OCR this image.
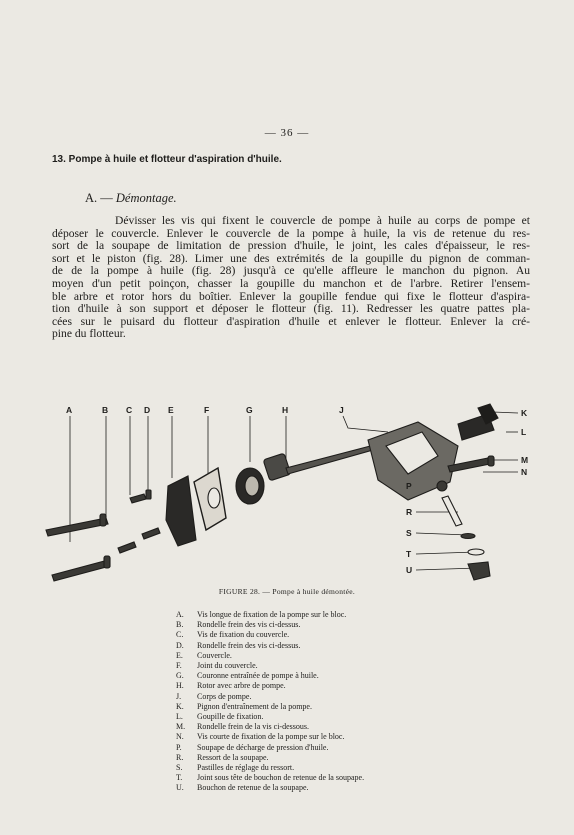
— 36 —
13. Pompe à huile et flotteur d'aspiration d'huile.
A. — Démontage.
Dévisser les vis qui fixent le couvercle de pompe à huile au corps de pompe et
déposer le couvercle. Enlever le couvercle de la pompe à huile, la vis de retenue du res-
sort de la soupape de limitation de pression d'huile, le joint, les cales d'épaisseur, le res-
sort et le piston (fig. 28). Limer une des extrémités de la goupille du pignon de comman-
de de la pompe à huile (fig. 28) jusqu'à ce qu'elle affleure le manchon du pignon. Au
moyen d'un petit poinçon, chasser la goupille du manchon et de l'arbre. Retirer l'ensem-
ble arbre et rotor hors du boîtier. Enlever la goupille fendue qui fixe le flotteur d'aspira-
tion d'huile à son support et déposer le flotteur (fig. 11). Redresser les quatre pattes pla-
cées sur le puisard du flotteur d'aspiration d'huile et enlever le flotteur. Enlever la cré-
pine du flotteur.
A	B C D E	F	G	H	J	K
L
M
N
P
R
S
T
U
FIGURE 28. — Pompe à huile démontée.
A.	Vis longue de fixation de la pompe sur le bloc.
B.	Rondelle frein des vis ci-dessus.
C.	Vis de fixation du couvercle.
D.	Rondelle frein des vis ci-dessus.
E.	Couvercle.
F.	Joint du couvercle.
G.	Couronne entraînée de pompe à huile.
H.	Rotor avec arbre de pompe.
J.	Corps de pompe.
K.	Pignon d'entraînement de la pompe.
L.	Goupille de fixation.
M.	Rondelle frein de la vis ci-dessous.
N.	Vis courte de fixation de la pompe sur le bloc.
P.	Soupape de décharge de pression d'huile.
R.	Ressort de la soupape.
S.	Pastilles de réglage du ressort.
T.	Joint sous tête de bouchon de retenue de la soupape.
U.	Bouchon de retenue de la soupape.
